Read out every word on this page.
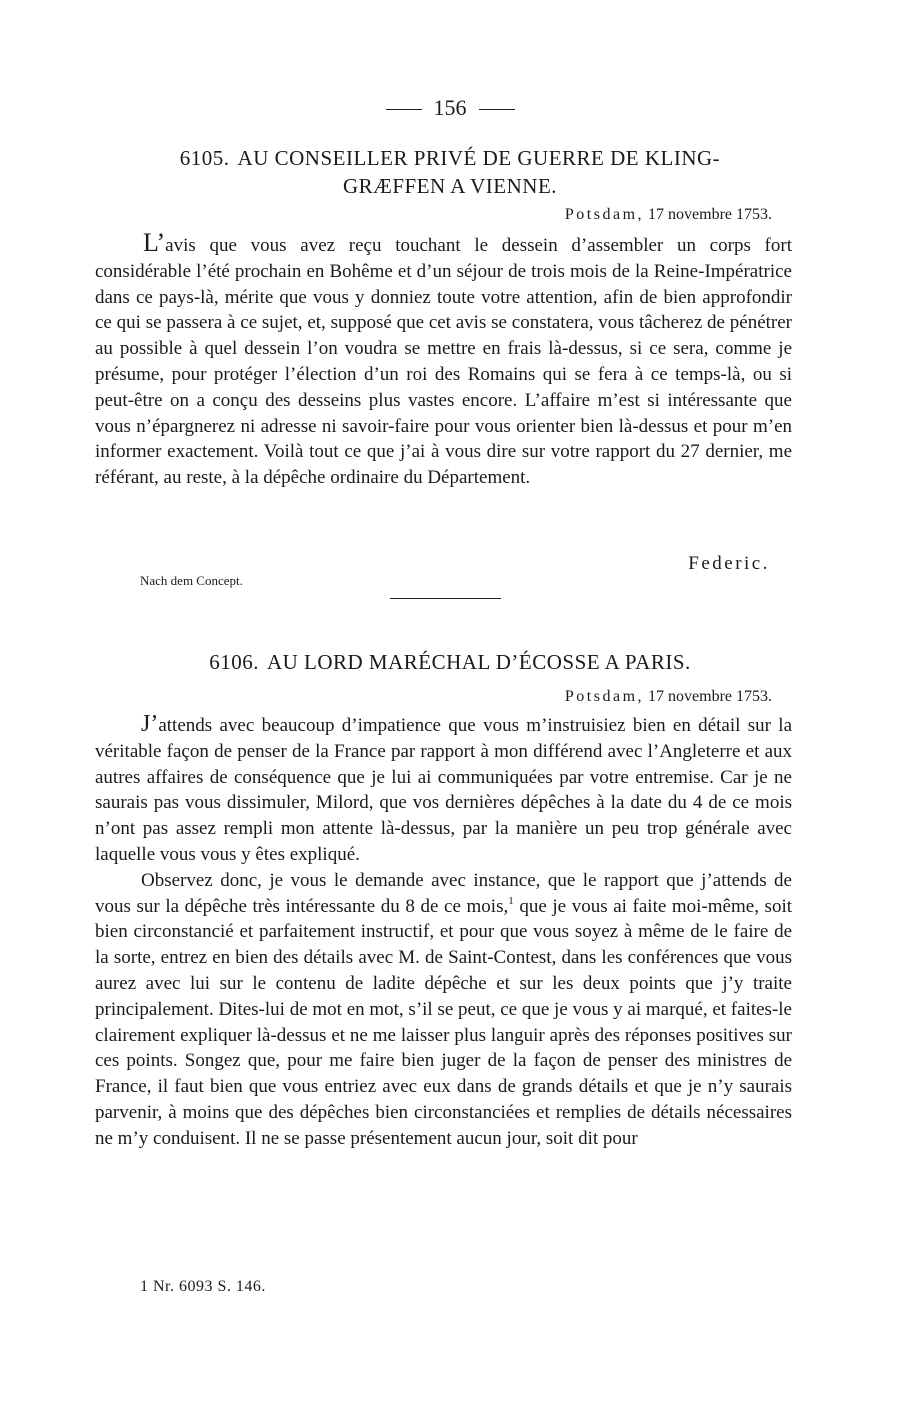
156
6105. AU CONSEILLER PRIVÉ DE GUERRE DE KLING-
GRÆFFEN A VIENNE.
Potsdam, 17 novembre 1753.

L’avis que vous avez reçu touchant le dessein d’assembler un corps fort considérable l’été prochain en Bohême et d’un séjour de trois mois de la Reine-Impératrice dans ce pays-là, mérite que vous y donniez toute votre attention, afin de bien approfondir ce qui se passera à ce sujet, et, supposé que cet avis se constatera, vous tâcherez de pénétrer au possible à quel dessein l’on voudra se mettre en frais là-dessus, si ce sera, comme je présume, pour protéger l’élection d’un roi des Romains qui se fera à ce temps-là, ou si peut-être on a conçu des desseins plus vastes encore. L’affaire m’est si intéressante que vous n’épargnerez ni adresse ni savoir-faire pour vous orienter bien là-dessus et pour m’en informer exactement. Voilà tout ce que j’ai à vous dire sur votre rapport du 27 dernier, me référant, au reste, à la dépêche ordinaire du Département.

Federic.
Nach dem Concept.
6106. AU LORD MARÉCHAL D’ÉCOSSE A PARIS.
Potsdam, 17 novembre 1753.

J’attends avec beaucoup d’impatience que vous m’instruisiez bien en détail sur la véritable façon de penser de la France par rapport à mon différend avec l’Angleterre et aux autres affaires de conséquence que je lui ai communiquées par votre entremise. Car je ne saurais pas vous dissimuler, Milord, que vos dernières dépêches à la date du 4 de ce mois n’ont pas assez rempli mon attente là-dessus, par la manière un peu trop générale avec laquelle vous vous y êtes expliqué.

Observez donc, je vous le demande avec instance, que le rapport que j’attends de vous sur la dépêche très intéressante du 8 de ce mois,$^1$ que je vous ai faite moi-même, soit bien circonstancié et parfaitement instructif, et pour que vous soyez à même de le faire de la sorte, entrez en bien des détails avec M. de Saint-Contest, dans les conférences que vous aurez avec lui sur le contenu de ladite dépêche et sur les deux points que j’y traite principalement. Dites-lui de mot en mot, s’il se peut, ce que je vous y ai marqué, et faites-le clairement expliquer là-dessus et ne me laisser plus languir après des réponses positives sur ces points. Songez que, pour me faire bien juger de la façon de penser des ministres de France, il faut bien que vous entriez avec eux dans de grands détails et que je n’y saurais parvenir, à moins que des dépêches bien circonstanciées et remplies de détails nécessaires ne m’y conduisent. Il ne se passe présentement aucun jour, soit dit pour

1 Nr. 6093 S. 146.
